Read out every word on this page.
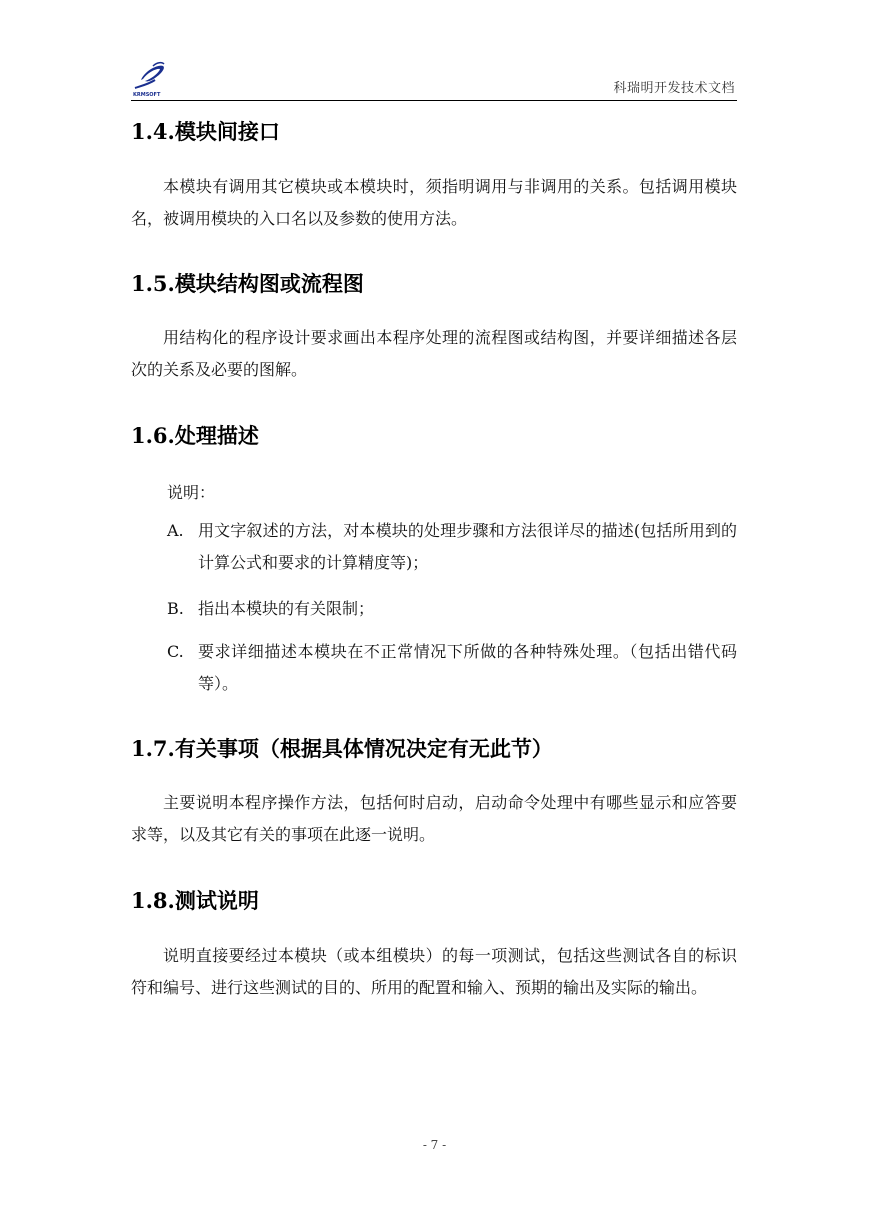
KRMSOFT	科瑞明开发技术文档
1.4.模块间接口
本模块有调用其它模块或本模块时，须指明调用与非调用的关系。包括调用模块名，被调用模块的入口名以及参数的使用方法。
1.5.模块结构图或流程图
用结构化的程序设计要求画出本程序处理的流程图或结构图，并要详细描述各层次的关系及必要的图解。
1.6.处理描述
说明：
A. 用文字叙述的方法，对本模块的处理步骤和方法很详尽的描述(包括所用到的计算公式和要求的计算精度等)；
B. 指出本模块的有关限制；
C. 要求详细描述本模块在不正常情况下所做的各种特殊处理。（包括出错代码等）。
1.7.有关事项（根据具体情况决定有无此节）
主要说明本程序操作方法，包括何时启动，启动命令处理中有哪些显示和应答要求等，以及其它有关的事项在此逐一说明。
1.8.测试说明
说明直接要经过本模块（或本组模块）的每一项测试，包括这些测试各自的标识符和编号、进行这些测试的目的、所用的配置和输入、预期的输出及实际的输出。
- 7 -
